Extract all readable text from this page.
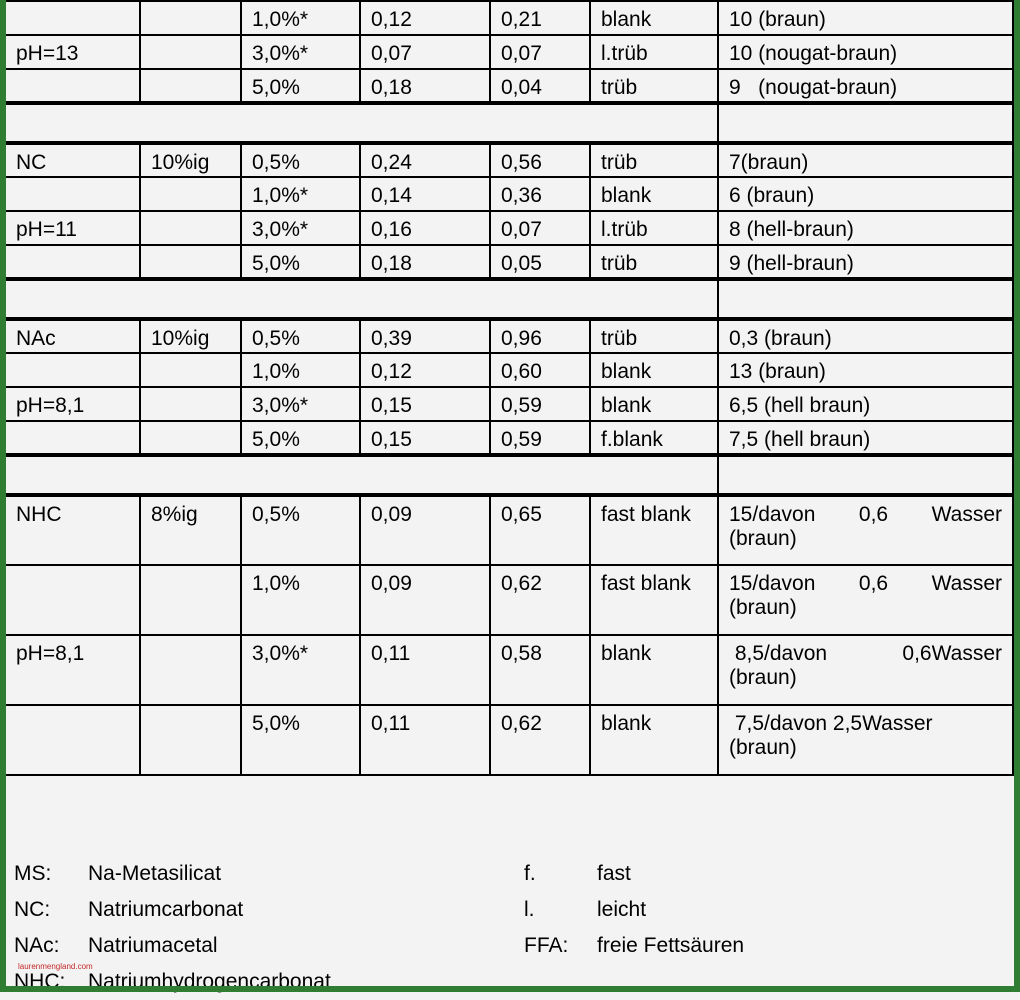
		1,0%*	0,12	0,21	blank	10 (braun)
pH=13		3,0%*	0,07	0,07	l.trüb	10 (nougat-braun)
		5,0%	0,18	0,04	trüb	9   (nougat-braun)

NC	10%ig	0,5%	0,24	0,56	trüb	7(braun)
		1,0%*	0,14	0,36	blank	6 (braun)
pH=11		3,0%*	0,16	0,07	l.trüb	8 (hell-braun)
		5,0%	0,18	0,05	trüb	9 (hell-braun)

NAc	10%ig	0,5%	0,39	0,96	trüb	0,3 (braun)
		1,0%	0,12	0,60	blank	13 (braun)
pH=8,1		3,0%*	0,15	0,59	blank	6,5 (hell braun)
		5,0%	0,15	0,59	f.blank	7,5 (hell braun)

NHC	8%ig	0,5%	0,09	0,65	fast blank	15/davon 0,6 Wasser
(braun)

		1,0%	0,09	0,62	fast blank	15/davon 0,6 Wasser
(braun)

pH=8,1		3,0%*	0,11	0,58	blank	8,5/davon 0,6Wasser
(braun)

		5,0%	0,11	0,62	blank	7,5/davon 2,5Wasser
(braun)
MS: Na-Metasilicat	f.	fast
NC: Natriumcarbonat	l.	leicht
NAc: Natriumacetal	FFA: freie Fettsäuren
NHC: Natriumhydrogencarbonat
laurenmengland.com
